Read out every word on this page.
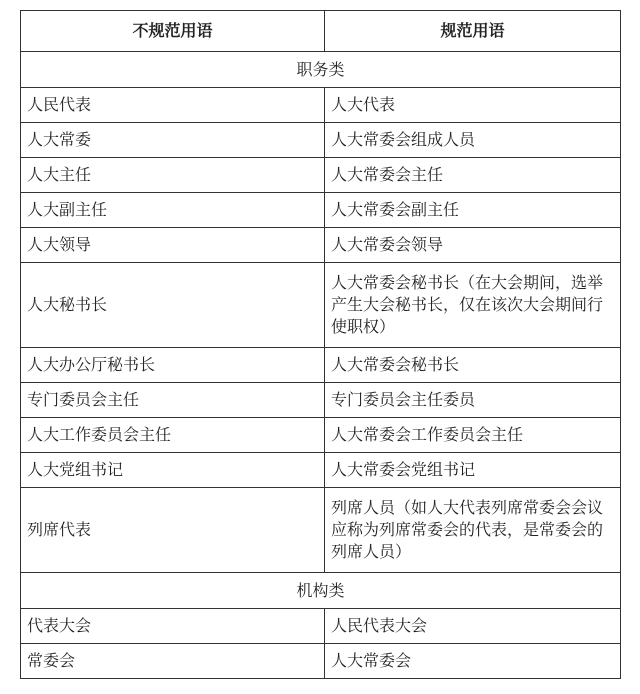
不规范用语	规范用语
职务类	
人民代表	人大代表
人大常委	人大常委会组成人员
人大主任	人大常委会主任
人大副主任	人大常委会副主任
人大领导	人大常委会领导
人大秘书长	人大常委会秘书长（在大会期间，选举产生大会秘书长，仅在该次大会期间行使职权）
人大办公厅秘书长	人大常委会秘书长
专门委员会主任	专门委员会主任委员
人大工作委员会主任	人大常委会工作委员会主任
人大党组书记	人大常委会党组书记
列席代表	列席人员（如人大代表列席常委会会议应称为列席常委会的代表，是常委会的列席人员）
机构类	
代表大会	人民代表大会
常委会	人大常委会
